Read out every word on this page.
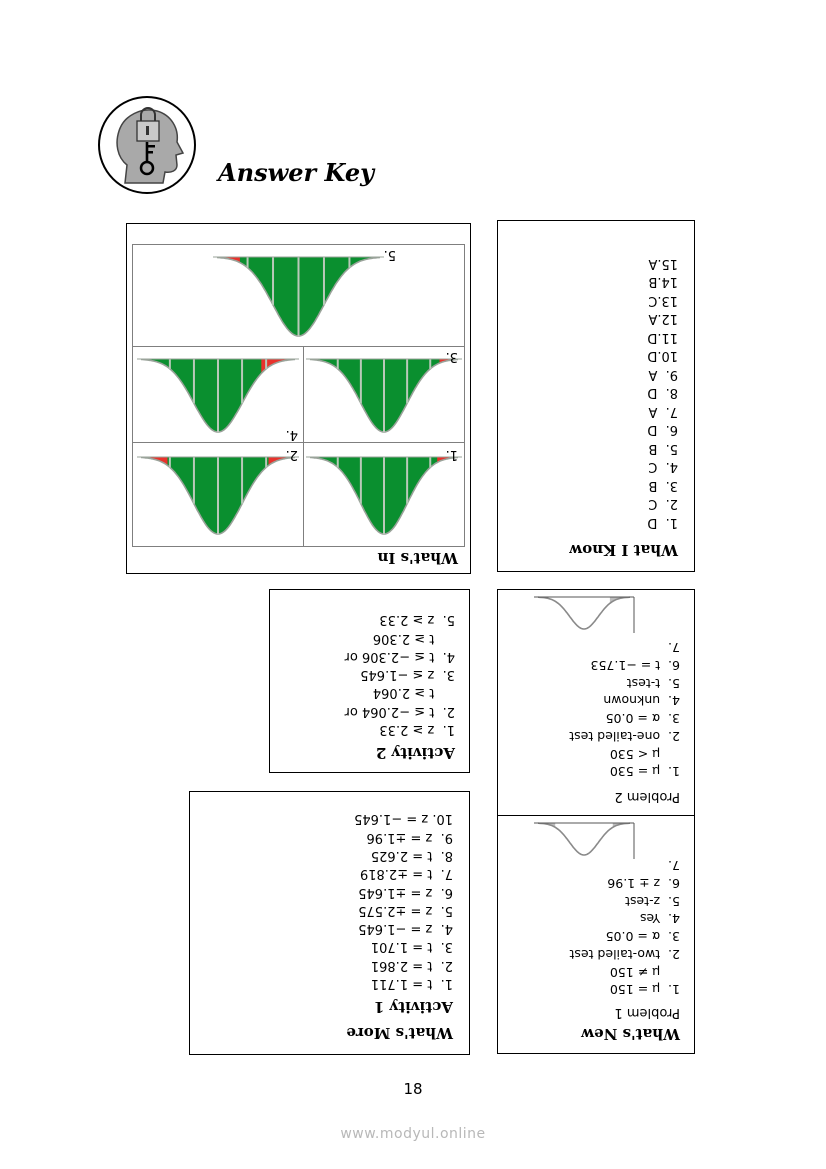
Answer Key
What I Know
1.  D
2.  C
3.  B
4.  C
5.  B
6.  D
7.  A
8.  D
9.  A
10.D
11.D
12.A
13.C
14.B
15.A
What's In
1.
2.
3.
4.
5.
Problem 2
1.  μ = 530
μ < 530
2.  one-tailed test
3.  α = 0.05
4.  unknown
5.  t-test
6.  t = −1.753
7.
What's New
Problem 1
1.  μ = 150
μ ≠ 150
2.  two-tailed test
3.  α = 0.05
4.  Yes
5.  z-test
6.  z ± 1.96
7.
Activity 2
1.  z ≥ 2.33
2.  t ≤ −2.064 or
t ≥ 2.064
3.  z ≤ −1.645
4.  t ≤ −2.306 or
t ≥ 2.306
5.  z ≥ 2.33
What's More
Activity 1
1.  t = 1.711
2.  t = 2.861
3.  t = 1.701
4.  z = −1.645
5.  z = ±2.575
6.  z = ±1.645
7.  t = ±2.819
8.  t = 2.625
9.  z = ±1.96
10. z = −1.645
18
www.modyul.online
